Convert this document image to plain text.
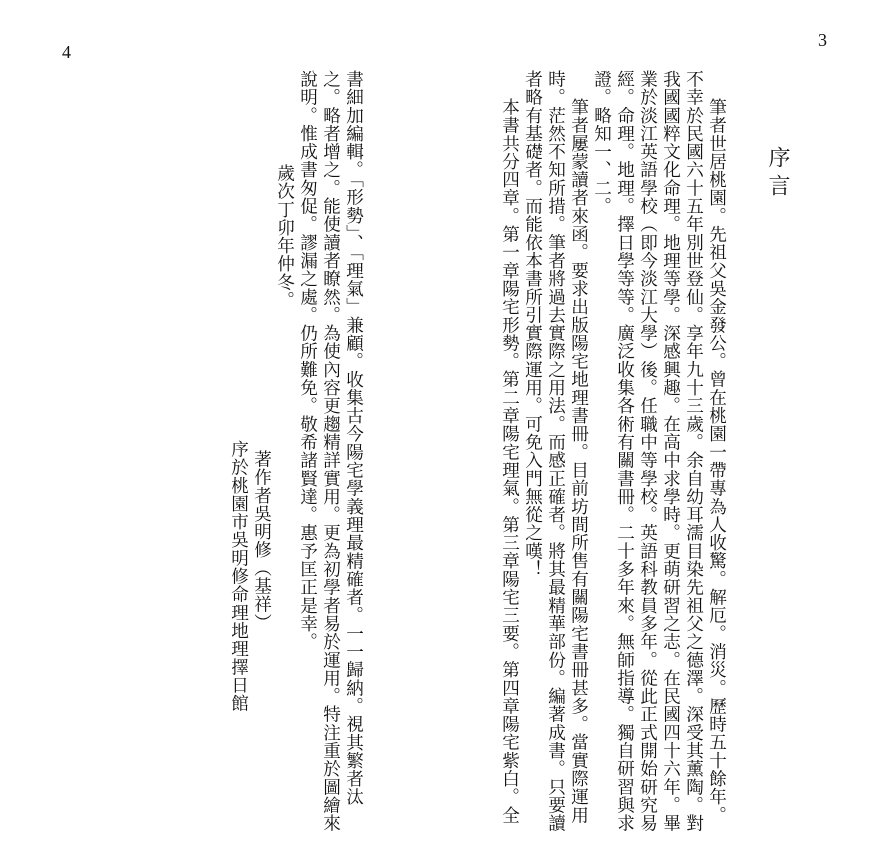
4
3
序言
筆者世居桃園。先祖父吳金發公。曾在桃園一帶專為人收驚。解厄。消災。歷時五十餘年。
不幸於民國六十五年別世登仙。享年九十三歲。余自幼耳濡目染先祖父之德澤。深受其薰陶。對
我國國粹文化命理。地理等學。深感興趣。在高中求學時。更萌研習之志。在民國四十六年。畢
業於淡江英語學校（即今淡江大學）後。任職中等學校。英語科教員多年。從此正式開始研究易
經。命理。地理。擇日學等等。廣泛收集各術有關書冊。二十多年來。無師指導。獨自研習與求
證。略知一、二。
筆者屢蒙讀者來函。要求出版陽宅地理書冊。目前坊間所售有關陽宅書冊甚多。當實際運用
時。茫然不知所措。筆者將過去實際之用法。而感正確者。將其最精華部份。編著成書。只要讀
者略有基礎者。而能依本書所引實際運用。可免入門無從之嘆！
本書共分四章。第一章陽宅形勢。第二章陽宅理氣。第三章陽宅三要。第四章陽宅紫白。全
書細加編輯。「形勢」、「理氣」兼顧。收集古今陽宅學義理最精確者。一一歸納。視其繁者汰
之。略者增之。能使讀者瞭然。為使內容更趨精詳實用。更為初學者易於運用。特注重於圖繪來
說明。惟成書匆促。謬漏之處。仍所難免。敬希諸賢達。惠予匡正是幸。
歲次丁卯年仲冬。
著作者吳明修（基祥）
序於桃園市吳明修命理地理擇日館
